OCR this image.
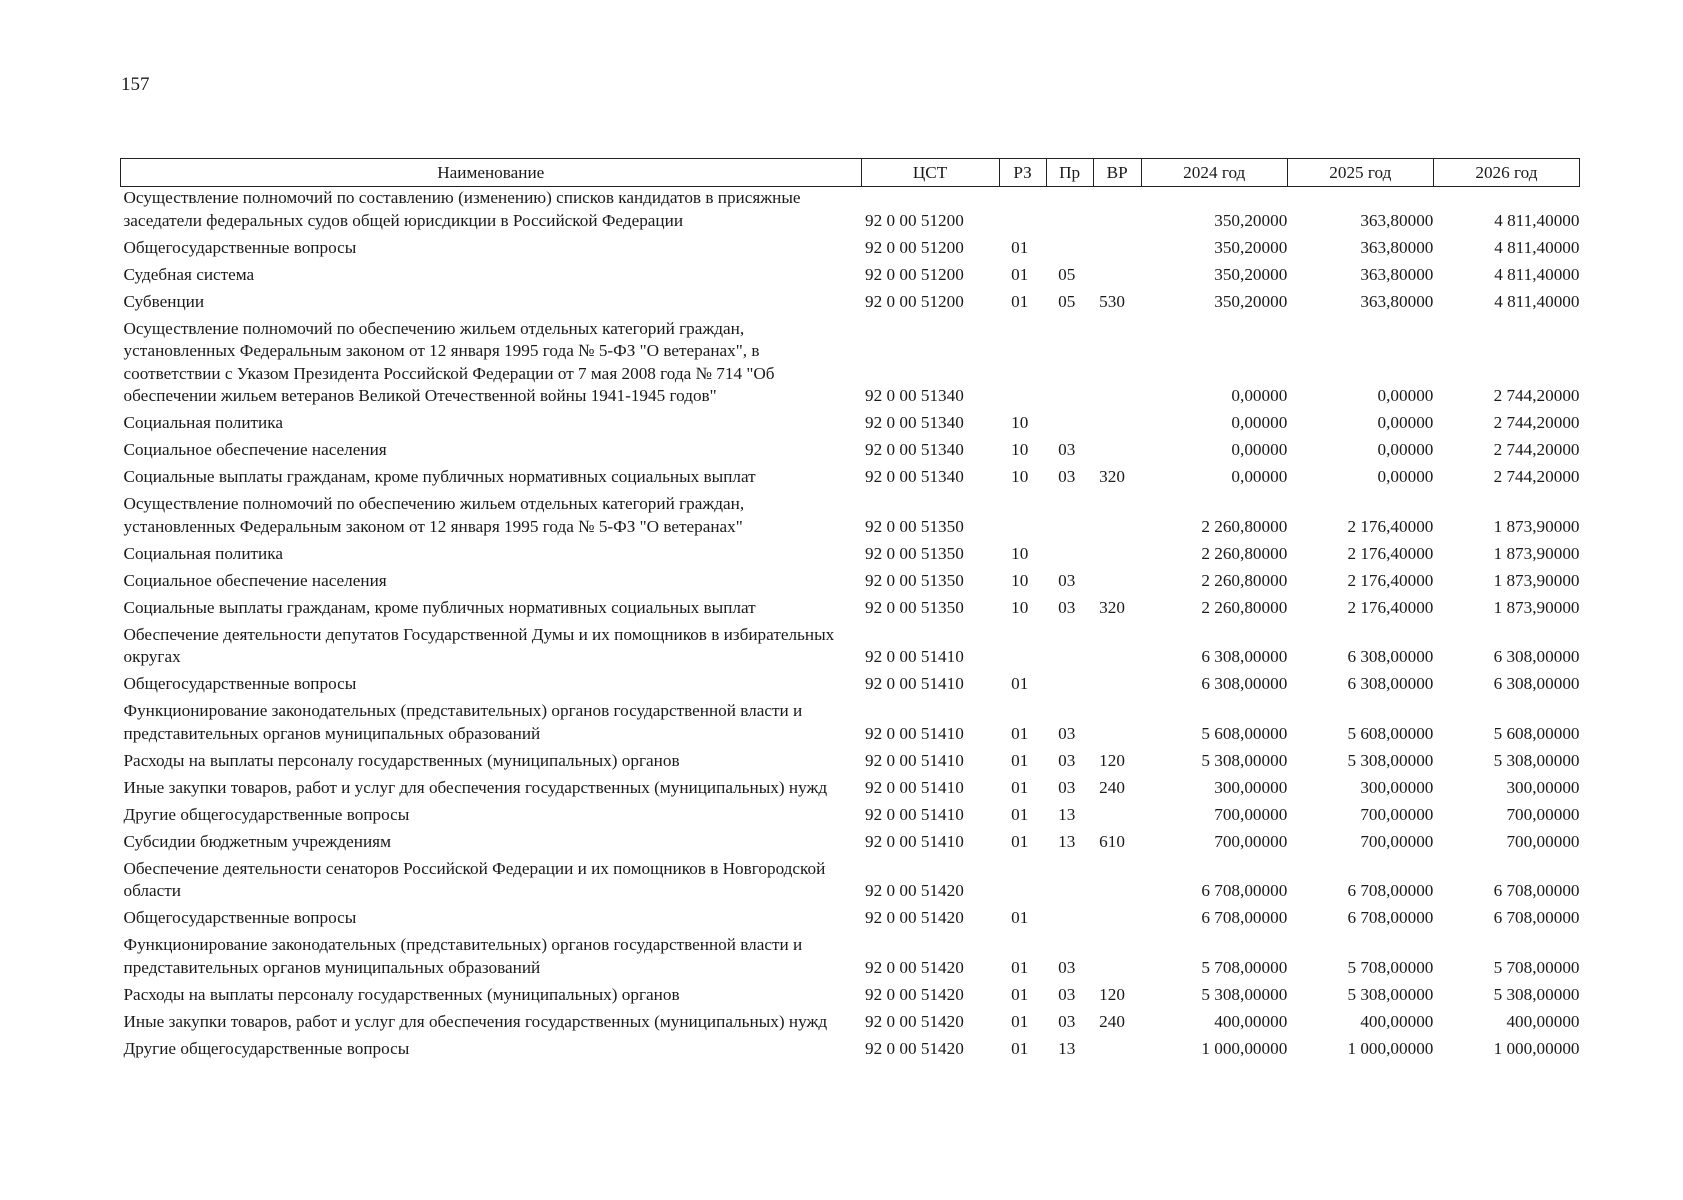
157
Наименование	ЦСТ	РЗ	Пр	ВР	2024 год	2025 год	2026 год
Осуществление полномочий по составлению (изменению) списков кандидатов в присяжные заседатели федеральных судов общей юрисдикции в Российской Федерации	92 0 00 51200				350,20000	363,80000	4 811,40000
Общегосударственные вопросы	92 0 00 51200	01			350,20000	363,80000	4 811,40000
Судебная система	92 0 00 51200	01	05		350,20000	363,80000	4 811,40000
Субвенции	92 0 00 51200	01	05	530	350,20000	363,80000	4 811,40000
Осуществление полномочий по обеспечению жильем отдельных категорий граждан, установленных Федеральным законом от 12 января 1995 года № 5-ФЗ "О ветеранах", в соответствии с Указом Президента Российской Федерации от 7 мая 2008 года № 714 "Об обеспечении жильем ветеранов Великой Отечественной войны 1941-1945 годов"	92 0 00 51340				0,00000	0,00000	2 744,20000
Социальная политика	92 0 00 51340	10			0,00000	0,00000	2 744,20000
Социальное обеспечение населения	92 0 00 51340	10	03		0,00000	0,00000	2 744,20000
Социальные выплаты гражданам, кроме публичных нормативных социальных выплат	92 0 00 51340	10	03	320	0,00000	0,00000	2 744,20000
Осуществление полномочий по обеспечению жильем отдельных категорий граждан, установленных Федеральным законом от 12 января 1995 года № 5-ФЗ "О ветеранах"	92 0 00 51350				2 260,80000	2 176,40000	1 873,90000
Социальная политика	92 0 00 51350	10			2 260,80000	2 176,40000	1 873,90000
Социальное обеспечение населения	92 0 00 51350	10	03		2 260,80000	2 176,40000	1 873,90000
Социальные выплаты гражданам, кроме публичных нормативных социальных выплат	92 0 00 51350	10	03	320	2 260,80000	2 176,40000	1 873,90000
Обеспечение деятельности депутатов Государственной Думы и их помощников в избирательных округах	92 0 00 51410				6 308,00000	6 308,00000	6 308,00000
Общегосударственные вопросы	92 0 00 51410	01			6 308,00000	6 308,00000	6 308,00000
Функционирование законодательных (представительных) органов государственной власти и представительных органов муниципальных образований	92 0 00 51410	01	03		5 608,00000	5 608,00000	5 608,00000
Расходы на выплаты персоналу государственных (муниципальных) органов	92 0 00 51410	01	03	120	5 308,00000	5 308,00000	5 308,00000
Иные закупки товаров, работ и услуг для обеспечения государственных (муниципальных) нужд	92 0 00 51410	01	03	240	300,00000	300,00000	300,00000
Другие общегосударственные вопросы	92 0 00 51410	01	13		700,00000	700,00000	700,00000
Субсидии бюджетным учреждениям	92 0 00 51410	01	13	610	700,00000	700,00000	700,00000
Обеспечение деятельности сенаторов Российской Федерации и их помощников в Новгородской области	92 0 00 51420				6 708,00000	6 708,00000	6 708,00000
Общегосударственные вопросы	92 0 00 51420	01			6 708,00000	6 708,00000	6 708,00000
Функционирование законодательных (представительных) органов государственной власти и представительных органов муниципальных образований	92 0 00 51420	01	03		5 708,00000	5 708,00000	5 708,00000
Расходы на выплаты персоналу государственных (муниципальных) органов	92 0 00 51420	01	03	120	5 308,00000	5 308,00000	5 308,00000
Иные закупки товаров, работ и услуг для обеспечения государственных (муниципальных) нужд	92 0 00 51420	01	03	240	400,00000	400,00000	400,00000
Другие общегосударственные вопросы	92 0 00 51420	01	13		1 000,00000	1 000,00000	1 000,00000
